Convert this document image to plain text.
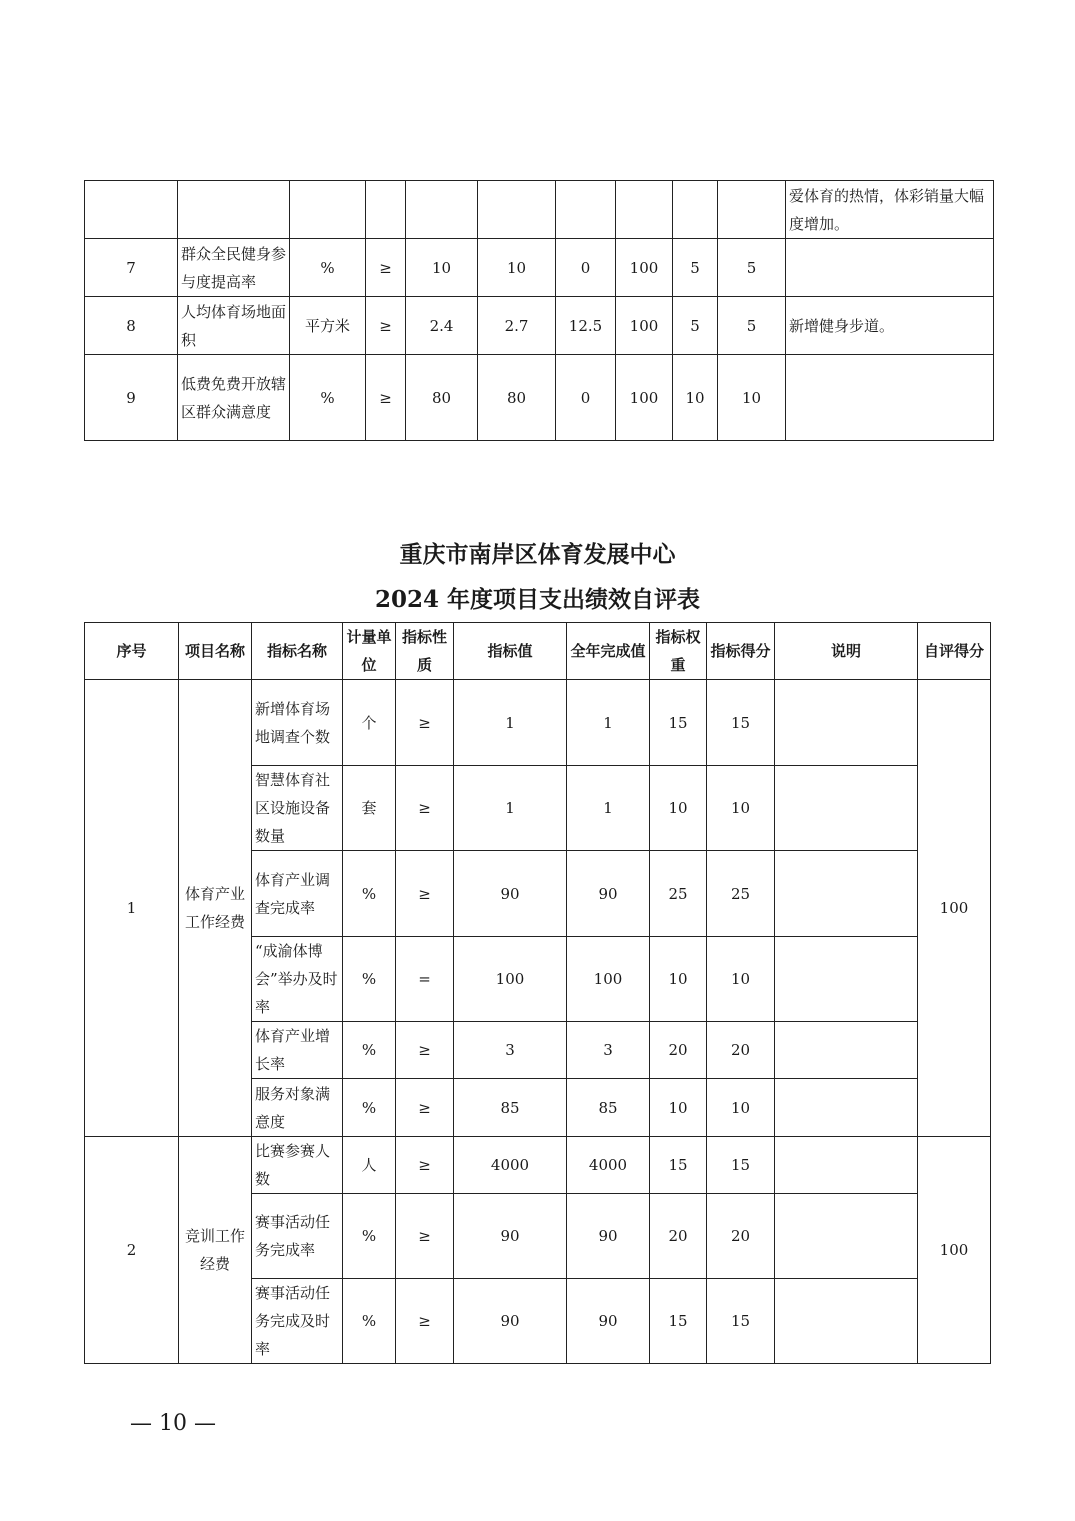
										爱体育的热情，体彩销量大幅度增加。
7	群众全民健身参与度提高率	%	≥	10	10	0	100	5	5	
8	人均体育场地面积	平方米	≥	2.4	2.7	12.5	100	5	5	新增健身步道。
9	低费免费开放辖区群众满意度	%	≥	80	80	0	100	10	10	
重庆市南岸区体育发展中心
2024 年度项目支出绩效自评表
序号	项目名称	指标名称	计量单位	指标性质	指标值	全年完成值	指标权重	指标得分	说明	自评得分
1	体育产业工作经费	新增体育场地调查个数	个	≥	1	1	15	15		100
		智慧体育社区设施设备数量	套	≥	1	1	10	10		
		体育产业调查完成率	%	≥	90	90	25	25		
		“成渝体博会”举办及时率	%	=	100	100	10	10		
		体育产业增长率	%	≥	3	3	20	20		
		服务对象满意度	%	≥	85	85	10	10		
2	竞训工作经费	比赛参赛人数	人	≥	4000	4000	15	15		100
		赛事活动任务完成率	%	≥	90	90	20	20		
		赛事活动任务完成及时率	%	≥	90	90	15	15		
— 10 —
